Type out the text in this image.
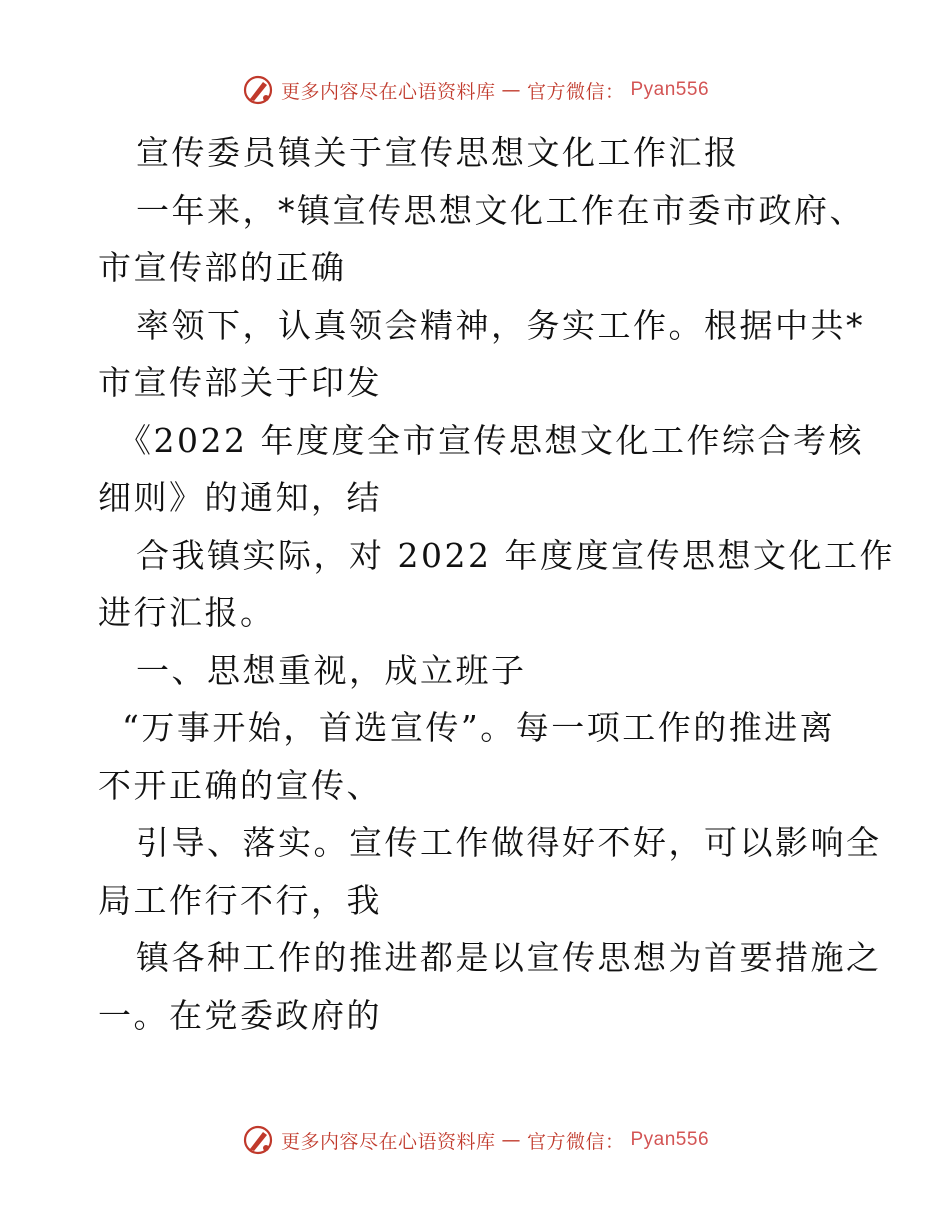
更多内容尽在心语资料库 — 官方微信： Pyan556
宣传委员镇关于宣传思想文化工作汇报
一年来，*镇宣传思想文化工作在市委市政府、
市宣传部的正确
率领下，认真领会精神，务实工作。根据中共*
市宣传部关于印发
《2022 年度度全市宣传思想文化工作综合考核
细则》的通知，结
合我镇实际，对 2022 年度度宣传思想文化工作
进行汇报。
一、思想重视，成立班子
“万事开始，首选宣传”。每一项工作的推进离
不开正确的宣传、
引导、落实。宣传工作做得好不好，可以影响全
局工作行不行，我
镇各种工作的推进都是以宣传思想为首要措施之
一。在党委政府的
更多内容尽在心语资料库 — 官方微信： Pyan556
